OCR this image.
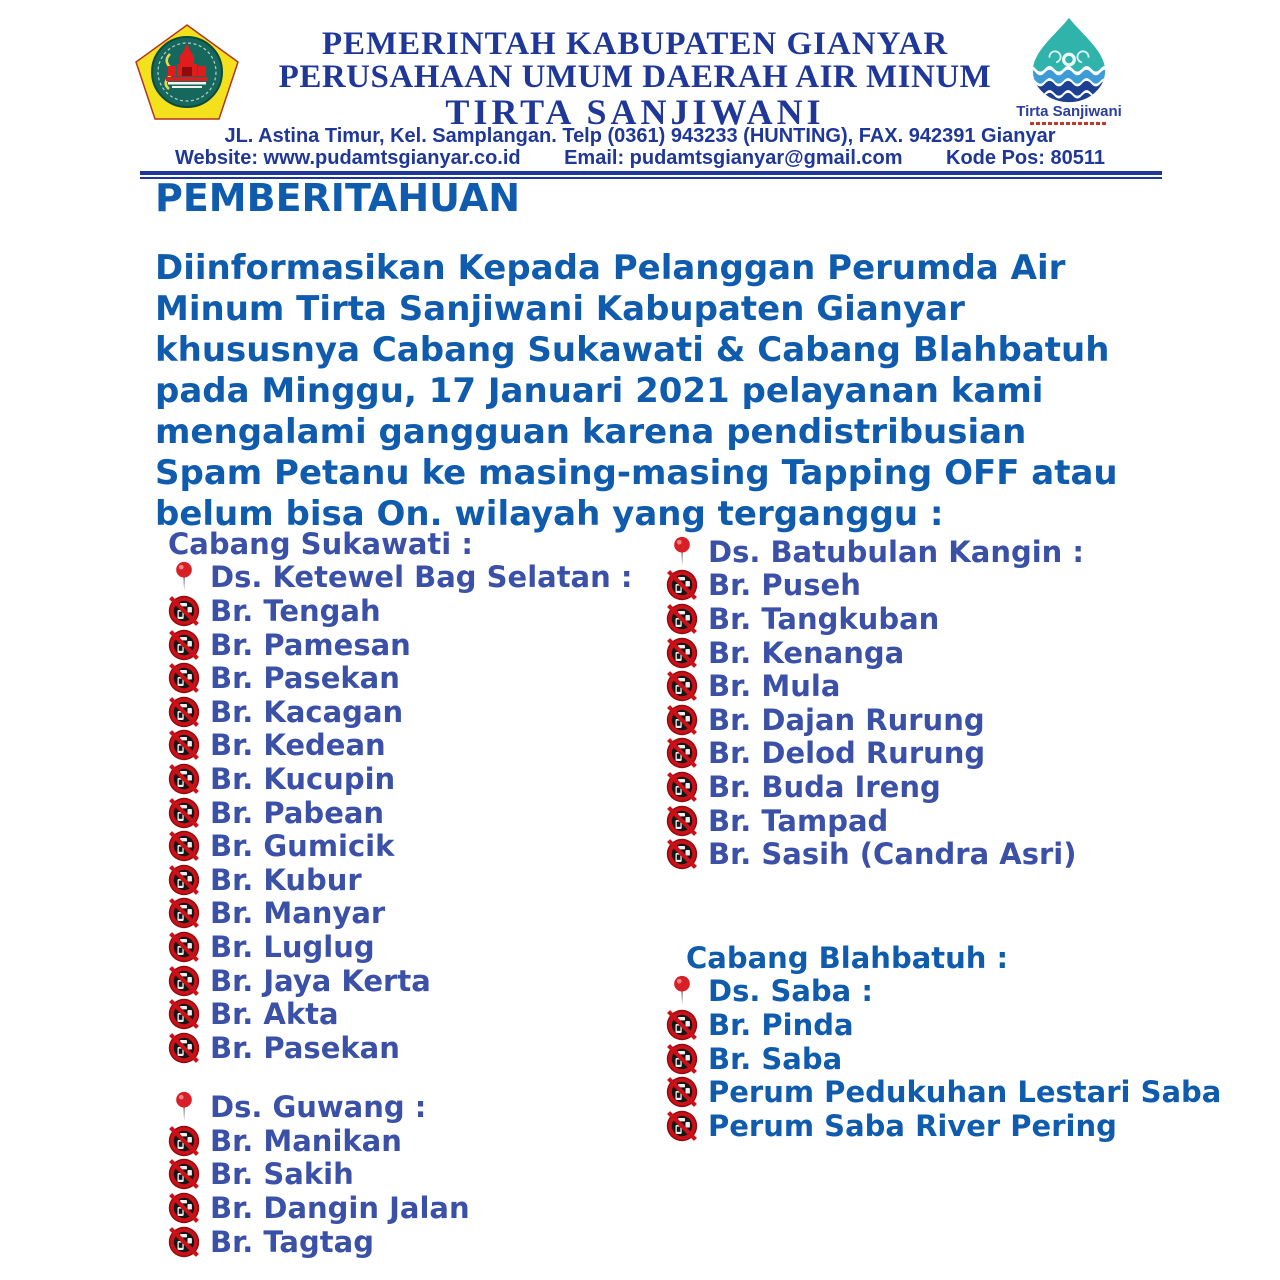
PEMERINTAH KABUPATEN GIANYAR
PERUSAHAAN UMUM DAERAH AIR MINUM
TIRTA SANJIWANI	Tirta Sanjiwani
JL. Astina Timur, Kel. Samplangan. Telp (0361) 943233 (HUNTING), FAX. 942391 Gianyar
Website: www.pudamtsgianyar.co.id Email: pudamtsgianyar@gmail.com Kode Pos: 80511
PEMBERITAHUAN

Diinformasikan Kepada Pelanggan Perumda Air Minum Tirta Sanjiwani Kabupaten Gianyar khususnya Cabang Sukawati & Cabang Blahbatuh pada Minggu, 17 Januari 2021 pelayanan kami mengalami gangguan karena pendistribusian Spam Petanu ke masing-masing Tapping OFF atau belum bisa On. wilayah yang terganggu :

Cabang Sukawati :
Ds. Ketewel Bag Selatan :
Br. Tengah
Br. Pamesan
Br. Pasekan
Br. Kacagan
Br. Kedean
Br. Kucupin
Br. Pabean
Br. Gumicik
Br. Kubur
Br. Manyar
Br. Luglug
Br. Jaya Kerta
Br. Akta
Br. Pasekan
Ds. Guwang :
Br. Manikan
Br. Sakih
Br. Dangin Jalan
Br. Tagtag
Ds. Batubulan Kangin :
Br. Puseh
Br. Tangkuban
Br. Kenanga
Br. Mula
Br. Dajan Rurung
Br. Delod Rurung
Br. Buda Ireng
Br. Tampad
Br. Sasih (Candra Asri)
Cabang Blahbatuh :
Ds. Saba :
Br. Pinda
Br. Saba
Perum Pedukuhan Lestari Saba
Perum Saba River Pering
